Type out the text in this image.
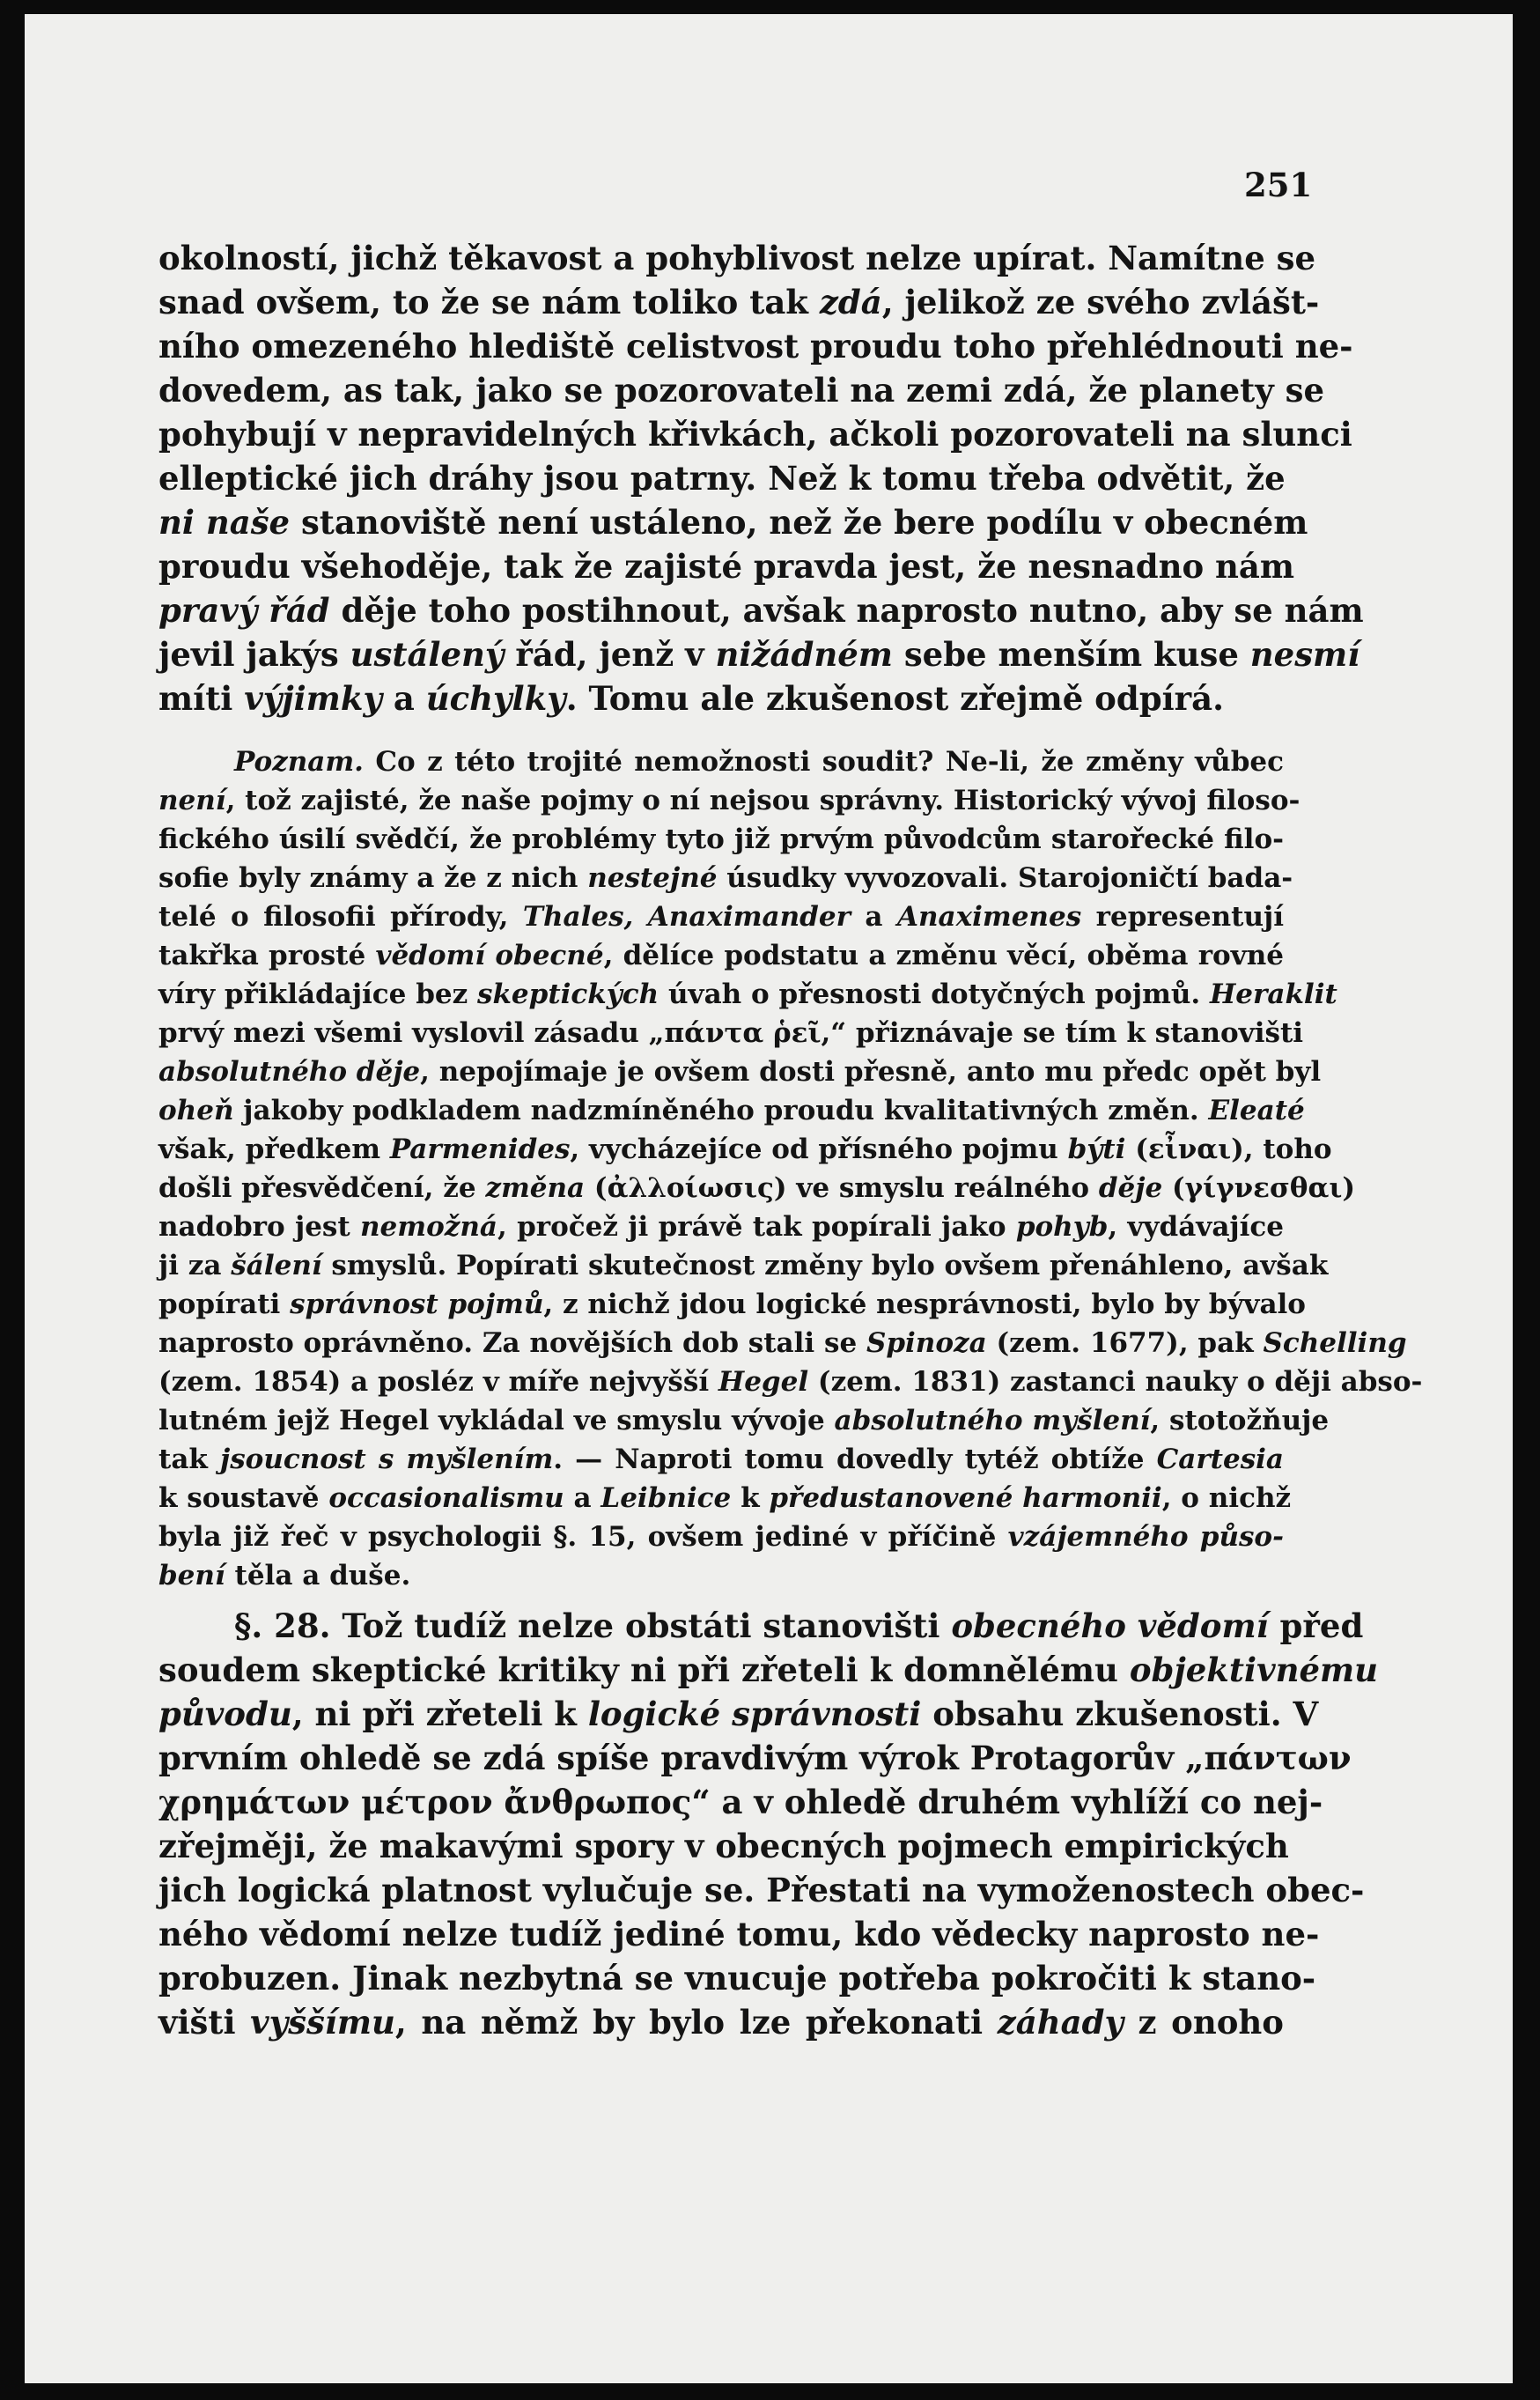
251
okolností, jichž těkavost a pohyblivost nelze upírat. Namítne se
snad ovšem, to že se nám toliko tak zdá, jelikož ze svého zvlášt-
ního omezeného hlediště celistvost proudu toho přehlédnouti ne-
dovedem, as tak, jako se pozorovateli na zemi zdá, že planety se
pohybují v nepravidelných křivkách, ačkoli pozorovateli na slunci
elleptické jich dráhy jsou patrny. Než k tomu třeba odvětit, že
ni naše stanoviště není ustáleno, než že bere podílu v obecném
proudu všehoděje, tak že zajisté pravda jest, že nesnadno nám
pravý řád děje toho postihnout, avšak naprosto nutno, aby se nám
jevil jakýs ustálený řád, jenž v nižádném sebe menším kuse nesmí
míti výjimky a úchylky. Tomu ale zkušenost zřejmě odpírá.
Poznam. Co z této trojité nemožnosti soudit? Ne-li, že změny vůbec
není, tož zajisté, že naše pojmy o ní nejsou správny. Historický vývoj filoso-
fického úsilí svědčí, že problémy tyto již prvým původcům starořecké filo-
sofie byly známy a že z nich nestejné úsudky vyvozovali. Starojoničtí bada-
telé o filosofii přírody, Thales, Anaximander a Anaximenes representují
takřka prosté vědomí obecné, dělíce podstatu a změnu věcí, oběma rovné
víry přikládajíce bez skeptických úvah o přesnosti dotyčných pojmů. Heraklit
prvý mezi všemi vyslovil zásadu „πάντα ῥεῖ,“ přiznávaje se tím k stanovišti
absolutného děje, nepojímaje je ovšem dosti přesně, anto mu předc opět byl
oheň jakoby podkladem nadzmíněného proudu kvalitativných změn. Eleaté
však, předkem Parmenides, vycházejíce od přísného pojmu býti (εἶναι), toho
došli přesvědčení, že změna (ἀλλοίωσις) ve smyslu reálného děje (γίγνεσθαι)
nadobro jest nemožná, pročež ji právě tak popírali jako pohyb, vydávajíce
ji za šálení smyslů. Popírati skutečnost změny bylo ovšem přenáhleno, avšak
popírati správnost pojmů, z nichž jdou logické nesprávnosti, bylo by bývalo
naprosto oprávněno. Za novějších dob stali se Spinoza (zem. 1677), pak Schelling
(zem. 1854) a posléz v míře nejvyšší Hegel (zem. 1831) zastanci nauky o ději abso-
lutném jejž Hegel vykládal ve smyslu vývoje absolutného myšlení, stotožňuje
tak jsoucnost s myšlením. — Naproti tomu dovedly tytéž obtíže Cartesia
k soustavě occasionalismu a Leibnice k předustanovené harmonii, o nichž
byla již řeč v psychologii §. 15, ovšem jediné v příčině vzájemného půso-
bení těla a duše.
§. 28. Tož tudíž nelze obstáti stanovišti obecného vědomí před
soudem skeptické kritiky ni při zřeteli k domnělému objektivnému
původu, ni při zřeteli k logické správnosti obsahu zkušenosti. V
prvním ohledě se zdá spíše pravdivým výrok Protagorův „πάντων
χρημάτων μέτρον ἄνθρωπος“ a v ohledě druhém vyhlíží co nej-
zřejměji, že makavými spory v obecných pojmech empirických
jich logická platnost vylučuje se. Přestati na vymoženostech obec-
ného vědomí nelze tudíž jediné tomu, kdo vědecky naprosto ne-
probuzen. Jinak nezbytná se vnucuje potřeba pokročiti k stano-
višti vyššímu, na němž by bylo lze překonati záhady z onoho
